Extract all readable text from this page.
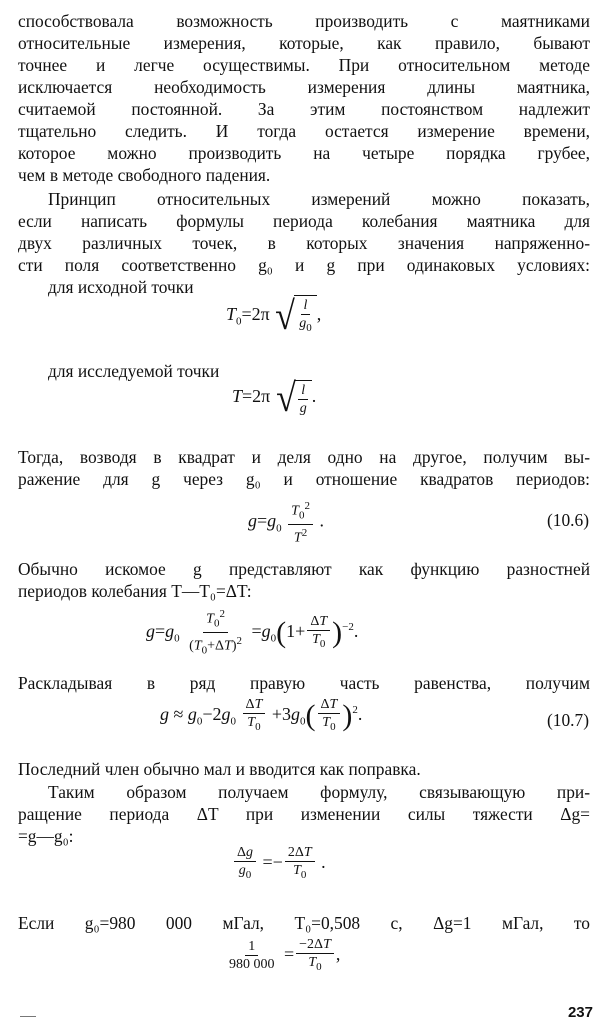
способствовала возможность производить с маятниками
относительные измерения, которые, как правило, бывают
точнее и легче осуществимы. При относительном методе
исключается необходимость измерения длины маятника,
считаемой постоянной. За этим постоянством надлежит
тщательно следить. И тогда остается измерение времени,
которое можно производить на четыре порядка грубее,
чем в методе свободного падения.
Принцип относительных измерений можно показать,
если написать формулы периода колебания маятника для
двух различных точек, в которых значения напряженно-
сти поля соответственно g₀ и g при одинаковых условиях:
для исходной точки
$T_0=2\pi$ √ $\frac{l}{g_0}$ ,
для исследуемой точки
T=2π √ $\frac{l}{g}$ .
Тогда, возводя в квадрат и деля одно на другое, получим вы-
ражение для g через g₀ и отношение квадратов периодов:
$g=g_0 \frac{T_0^2}{T^2}$ .	(10.6)
Обычно искомое g представляют как функцию разностней
периодов колебания T—T₀=ΔT:
$g=g_0 \frac{T_0^2}{(T_0+\Delta T)^2} =g_0(1+ \frac{\Delta T}{T_0} )^{-2}$.
Раскладывая в ряд правую часть равенства, получим
$g \approx g_0-2g_0 \frac{\Delta T}{T_0} +3g_0( \frac{\Delta T}{T_0} )^2$.	(10.7)
Последний член обычно мал и вводится как поправка.
Таким образом получаем формулу, связывающую при-
ращение периода ΔT при изменении силы тяжести Δg=
=g—g₀:
$\frac{\Delta g}{g_0} =- \frac{2\Delta T}{T_0}$ .
Если g₀=980 000 мГал, T₀=0,508 с, Δg=1 мГал, то
$\frac{1}{980 000} = \frac{-2\Delta T}{T_0}$ ,
237
